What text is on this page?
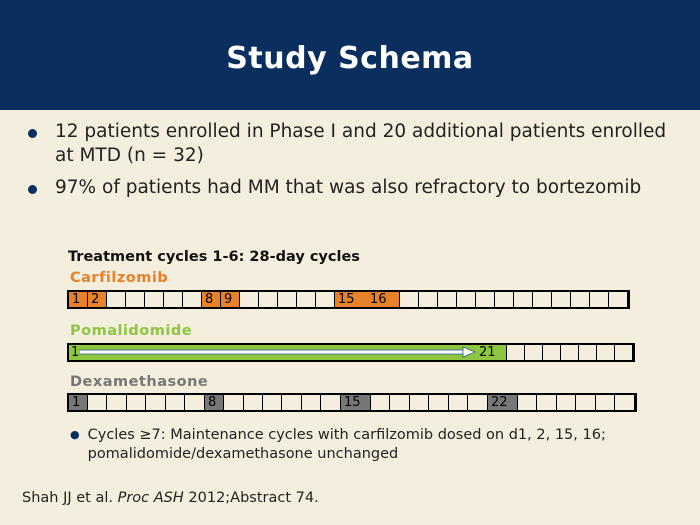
Study Schema
12 patients enrolled in Phase I and 20 additional patients enrolled at MTD (n = 32)
97% of patients had MM that was also refractory to bortezomib
Treatment cycles 1-6: 28-day cycles
Carfilzomib
1 2	8 9	15	16
Pomalidomide
1	21
Dexamethasone
1	8	15	22
● Cycles ≥7: Maintenance cycles with carfilzomib dosed on d1, 2, 15, 16; pomalidomide/dexamethasone unchanged
Shah JJ et al. Proc ASH 2012;Abstract 74.
